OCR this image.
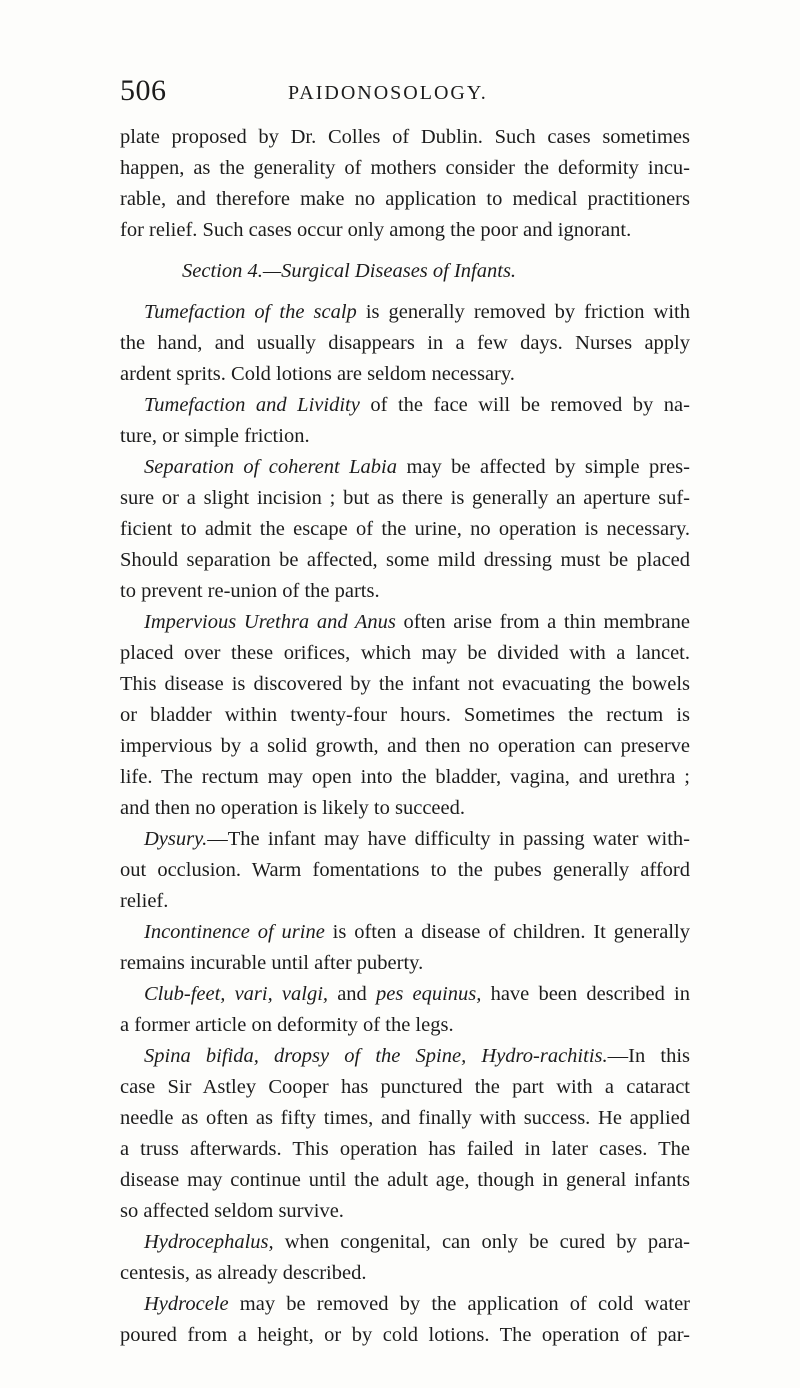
506	PAIDONOSOLOGY.
plate proposed by Dr. Colles of Dublin. Such cases sometimes
happen, as the generality of mothers consider the deformity incu-
rable, and therefore make no application to medical practitioners
for relief. Such cases occur only among the poor and ignorant.
Section 4.—Surgical Diseases of Infants.
Tumefaction of the scalp is generally removed by friction with
the hand, and usually disappears in a few days. Nurses apply
ardent sprits. Cold lotions are seldom necessary.
Tumefaction and Lividity of the face will be removed by na-
ture, or simple friction.
Separation of coherent Labia may be affected by simple pres-
sure or a slight incision ; but as there is generally an aperture suf-
ficient to admit the escape of the urine, no operation is necessary.
Should separation be affected, some mild dressing must be placed
to prevent re-union of the parts.
Impervious Urethra and Anus often arise from a thin membrane
placed over these orifices, which may be divided with a lancet.
This disease is discovered by the infant not evacuating the bowels
or bladder within twenty-four hours. Sometimes the rectum is
impervious by a solid growth, and then no operation can preserve
life. The rectum may open into the bladder, vagina, and urethra ;
and then no operation is likely to succeed.
Dysury.—The infant may have difficulty in passing water with-
out occlusion. Warm fomentations to the pubes generally afford
relief.
Incontinence of urine is often a disease of children. It generally
remains incurable until after puberty.
Club-feet, vari, valgi, and pes equinus, have been described in
a former article on deformity of the legs.
Spina bifida, dropsy of the Spine, Hydro-rachitis.—In this
case Sir Astley Cooper has punctured the part with a cataract
needle as often as fifty times, and finally with success. He applied
a truss afterwards. This operation has failed in later cases. The
disease may continue until the adult age, though in general infants
so affected seldom survive.
Hydrocephalus, when congenital, can only be cured by para-
centesis, as already described.
Hydrocele may be removed by the application of cold water
poured from a height, or by cold lotions. The operation of par-
